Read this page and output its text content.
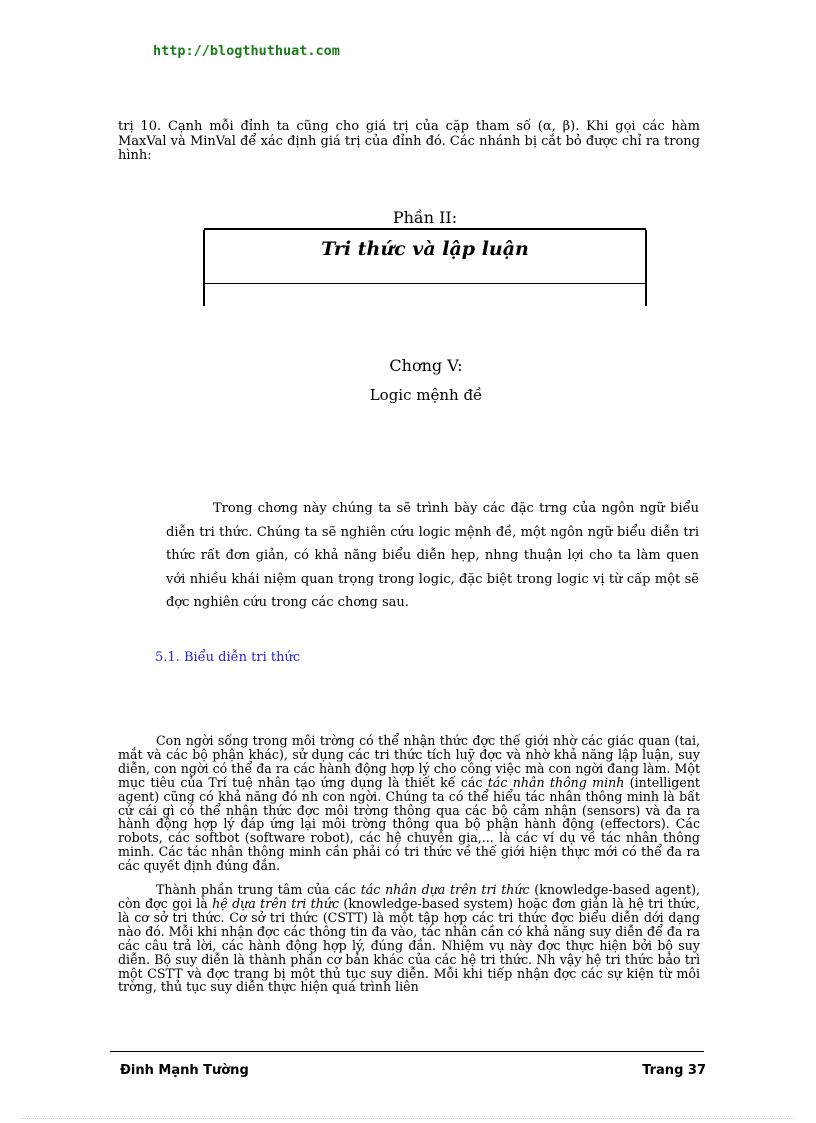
http://blogthuthuat.com
trị 10. Cạnh mỗi đỉnh ta cũng cho giá trị của cặp tham số (α, β). Khi gọi các hàm MaxVal và MinVal để xác định giá trị của đỉnh đó. Các nhánh bị cắt bỏ được chỉ ra trong hình:
Phần II:
Tri thức và lập luận
Chơng V:
Logic mệnh đề

Trong chơng này chúng ta sẽ trình bày các đặc trng của ngôn ngữ biểu diễn tri thức. Chúng ta sẽ nghiên cứu logic mệnh đề, một ngôn ngữ biểu diễn tri thức rất đơn giản, có khả năng biểu diễn hẹp, nhng thuận lợi cho ta làm quen với nhiều khái niệm quan trọng trong logic, đặc biệt trong logic vị từ cấp một sẽ đợc nghiên cứu trong các chơng sau.

5.1. Biểu diễn tri thức

Con ngời sống trong môi trờng có thể nhận thức đợc thế giới nhờ các giác quan (tai, mắt và các bộ phận khác), sử dụng các tri thức tích luỹ đợc và nhờ khả năng lập luận, suy diễn, con ngời có thể đa ra các hành động hợp lý cho công việc mà con ngời đang làm. Một mục tiêu của Trí tuệ nhân tạo ứng dụng là thiết kế các tác nhân thông minh (intelligent agent) cũng có khả năng đó nh con ngời. Chúng ta có thể hiểu tác nhân thông minh là bất cứ cái gì có thể nhận thức đợc môi trờng thông qua các bộ cảm nhận (sensors) và đa ra hành động hợp lý đáp ứng lại môi trờng thông qua bộ phận hành động (effectors). Các robots, các softbot (software robot), các hệ chuyên gia,... là các ví dụ về tác nhân thông minh. Các tác nhân thông minh cần phải có tri thức về thế giới hiện thực mới có thể đa ra các quyết định đúng đắn.

Thành phần trung tâm của các tác nhân dựa trên tri thức (knowledge-based agent), còn đợc gọi là hệ dựa trên tri thức (knowledge-based system) hoặc đơn giản là hệ tri thức, là cơ sở tri thức. Cơ sở tri thức (CSTT) là một tập hợp các tri thức đợc biểu diễn dới dạng nào đó. Mỗi khi nhận đợc các thông tin đa vào, tác nhân cần có khả năng suy diễn để đa ra các câu trả lời, các hành động hợp lý, đúng đắn. Nhiệm vụ này đợc thực hiện bởi bộ suy diễn. Bộ suy diễn là thành phần cơ bản khác của các hệ tri thức. Nh vậy hệ tri thức bảo trì một CSTT và đợc trang bị một thủ tục suy diễn. Mỗi khi tiếp nhận đợc các sự kiện từ môi trờng, thủ tục suy diễn thực hiện quá trình liên

Đinh Mạnh Tường	Trang 37
